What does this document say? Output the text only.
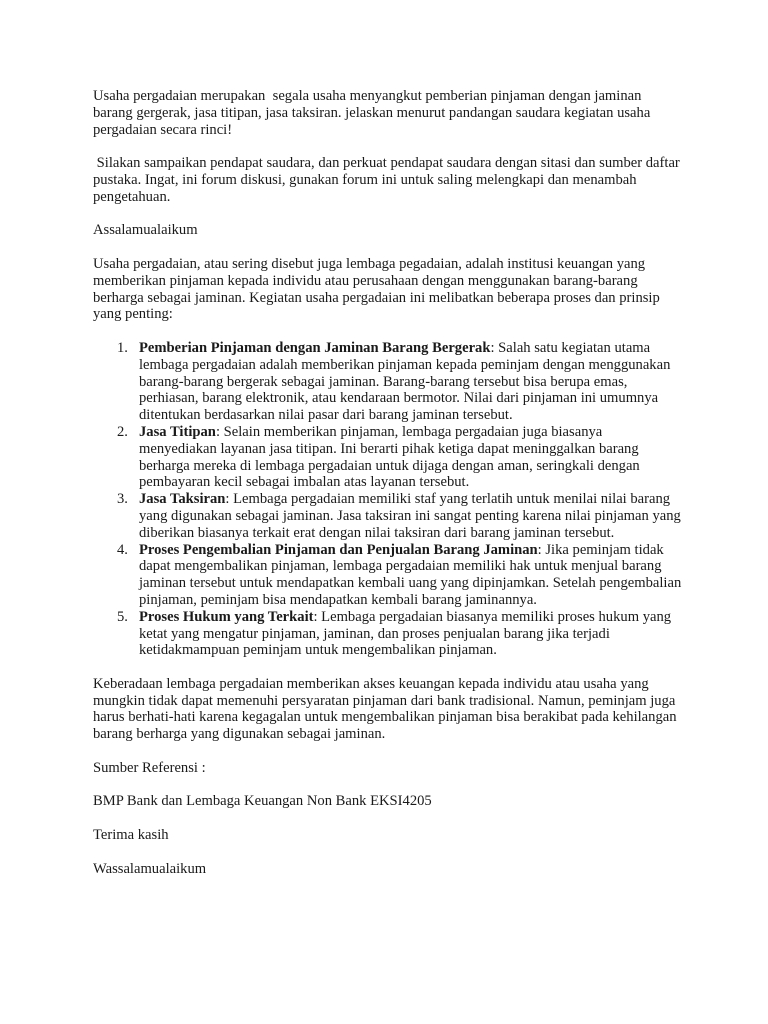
Usaha pergadaian merupakan  segala usaha menyangkut pemberian pinjaman dengan jaminan barang gergerak, jasa titipan, jasa taksiran. jelaskan menurut pandangan saudara kegiatan usaha pergadaian secara rinci!

Silakan sampaikan pendapat saudara, dan perkuat pendapat saudara dengan sitasi dan sumber daftar pustaka. Ingat, ini forum diskusi, gunakan forum ini untuk saling melengkapi dan menambah pengetahuan.

Assalamualaikum

Usaha pergadaian, atau sering disebut juga lembaga pegadaian, adalah institusi keuangan yang memberikan pinjaman kepada individu atau perusahaan dengan menggunakan barang-barang berharga sebagai jaminan. Kegiatan usaha pergadaian ini melibatkan beberapa proses dan prinsip yang penting:

1. Pemberian Pinjaman dengan Jaminan Barang Bergerak: Salah satu kegiatan utama lembaga pergadaian adalah memberikan pinjaman kepada peminjam dengan menggunakan barang-barang bergerak sebagai jaminan. Barang-barang tersebut bisa berupa emas, perhiasan, barang elektronik, atau kendaraan bermotor. Nilai dari pinjaman ini umumnya ditentukan berdasarkan nilai pasar dari barang jaminan tersebut.
2. Jasa Titipan: Selain memberikan pinjaman, lembaga pergadaian juga biasanya menyediakan layanan jasa titipan. Ini berarti pihak ketiga dapat meninggalkan barang berharga mereka di lembaga pergadaian untuk dijaga dengan aman, seringkali dengan pembayaran kecil sebagai imbalan atas layanan tersebut.
3. Jasa Taksiran: Lembaga pergadaian memiliki staf yang terlatih untuk menilai nilai barang yang digunakan sebagai jaminan. Jasa taksiran ini sangat penting karena nilai pinjaman yang diberikan biasanya terkait erat dengan nilai taksiran dari barang jaminan tersebut.
4. Proses Pengembalian Pinjaman dan Penjualan Barang Jaminan: Jika peminjam tidak dapat mengembalikan pinjaman, lembaga pergadaian memiliki hak untuk menjual barang jaminan tersebut untuk mendapatkan kembali uang yang dipinjamkan. Setelah pengembalian pinjaman, peminjam bisa mendapatkan kembali barang jaminannya.
5. Proses Hukum yang Terkait: Lembaga pergadaian biasanya memiliki proses hukum yang ketat yang mengatur pinjaman, jaminan, dan proses penjualan barang jika terjadi ketidakmampuan peminjam untuk mengembalikan pinjaman.

Keberadaan lembaga pergadaian memberikan akses keuangan kepada individu atau usaha yang mungkin tidak dapat memenuhi persyaratan pinjaman dari bank tradisional. Namun, peminjam juga harus berhati-hati karena kegagalan untuk mengembalikan pinjaman bisa berakibat pada kehilangan barang berharga yang digunakan sebagai jaminan.

Sumber Referensi :

BMP Bank dan Lembaga Keuangan Non Bank EKSI4205

Terima kasih

Wassalamualaikum
